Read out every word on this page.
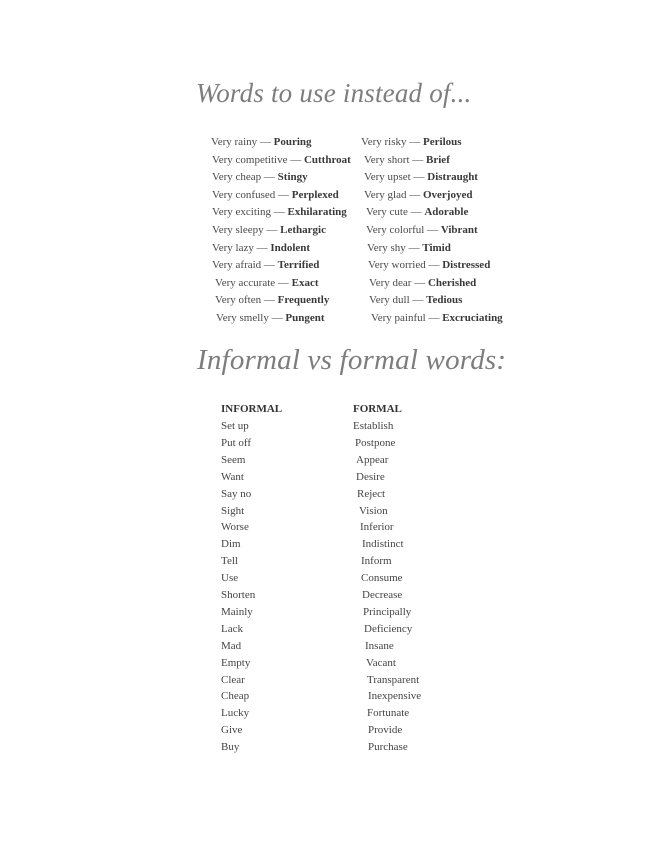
Words to use instead of...
Very rainy — Pouring
Very competitive — Cutthroat
Very cheap — Stingy
Very confused — Perplexed
Very exciting — Exhilarating
Very sleepy — Lethargic
Very lazy — Indolent
Very afraid — Terrified
Very accurate — Exact
Very often — Frequently
Very smelly — Pungent
Very risky — Perilous
Very short — Brief
Very upset — Distraught
Very glad — Overjoyed
Very cute — Adorable
Very colorful — Vibrant
Very shy — Timid
Very worried — Distressed
Very dear — Cherished
Very dull — Tedious
Very painful — Excruciating
Informal vs formal words:
INFORMAL
Set up
Put off
Seem
Want
Say no
Sight
Worse
Dim
Tell
Use
Shorten
Mainly
Lack
Mad
Empty
Clear
Cheap
Lucky
Give
Buy
FORMAL
Establish
Postpone
Appear
Desire
Reject
Vision
Inferior
Indistinct
Inform
Consume
Decrease
Principally
Deficiency
Insane
Vacant
Transparent
Inexpensive
Fortunate
Provide
Purchase
